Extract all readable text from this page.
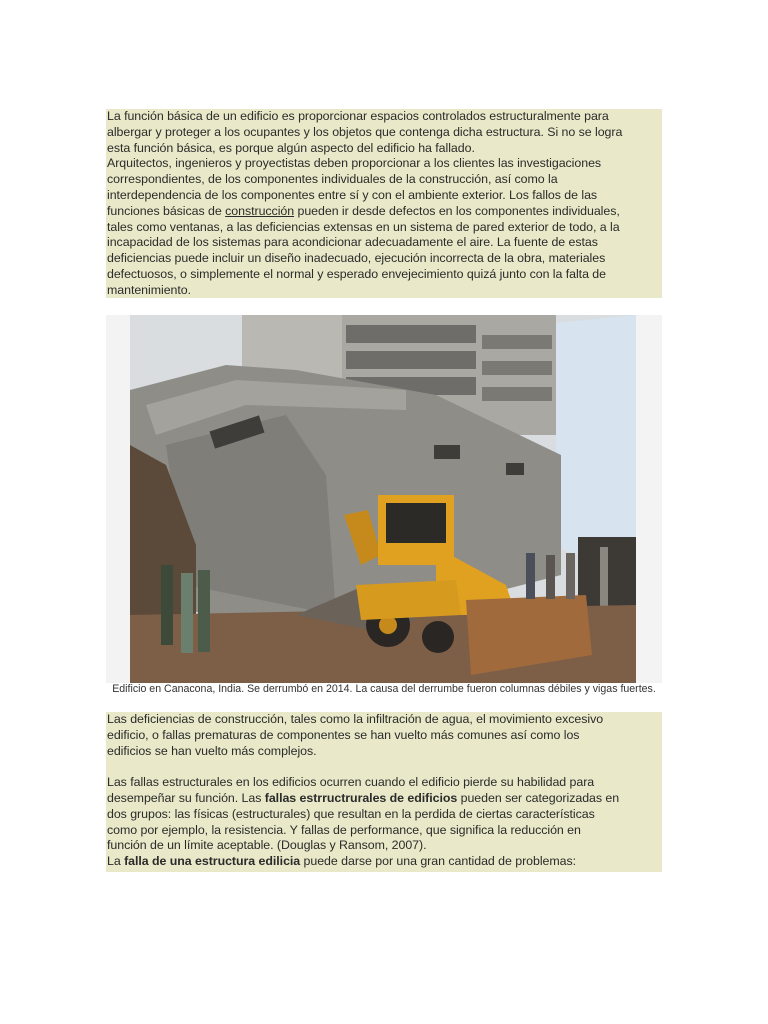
La función básica de un edificio es proporcionar espacios controlados estructuralmente para
albergar y proteger a los ocupantes y los objetos que contenga dicha estructura. Si no se logra
esta función básica, es porque algún aspecto del edificio ha fallado.
Arquitectos, ingenieros y proyectistas deben proporcionar a los clientes las investigaciones
correspondientes, de los componentes individuales de la construcción, así como la
interdependencia de los componentes entre sí y con el ambiente exterior. Los fallos de las
funciones básicas de construcción pueden ir desde defectos en los componentes individuales,
tales como ventanas, a las deficiencias extensas en un sistema de pared exterior de todo, a la
incapacidad de los sistemas para acondicionar adecuadamente el aire. La fuente de estas
deficiencias puede incluir un diseño inadecuado, ejecución incorrecta de la obra, materiales
defectuosos, o simplemente el normal y esperado envejecimiento quizá junto con la falta de
mantenimiento.
Edificio en Canacona, India. Se derrumbó en 2014. La causa del derrumbe fueron columnas débiles y vigas fuertes.
Las deficiencias de construcción, tales como la infiltración de agua, el movimiento excesivo
edificio, o fallas prematuras de componentes se han vuelto más comunes así como los
edificios se han vuelto más complejos.
Las fallas estructurales en los edificios ocurren cuando el edificio pierde su habilidad para
desempeñar su función. Las fallas estrructrurales de edificios pueden ser categorizadas en
dos grupos: las físicas (estructurales) que resultan en la perdida de ciertas características
como por ejemplo, la resistencia. Y fallas de performance, que significa la reducción en
función de un límite aceptable. (Douglas y Ransom, 2007).
La falla de una estructura edilicia puede darse por una gran cantidad de problemas:
